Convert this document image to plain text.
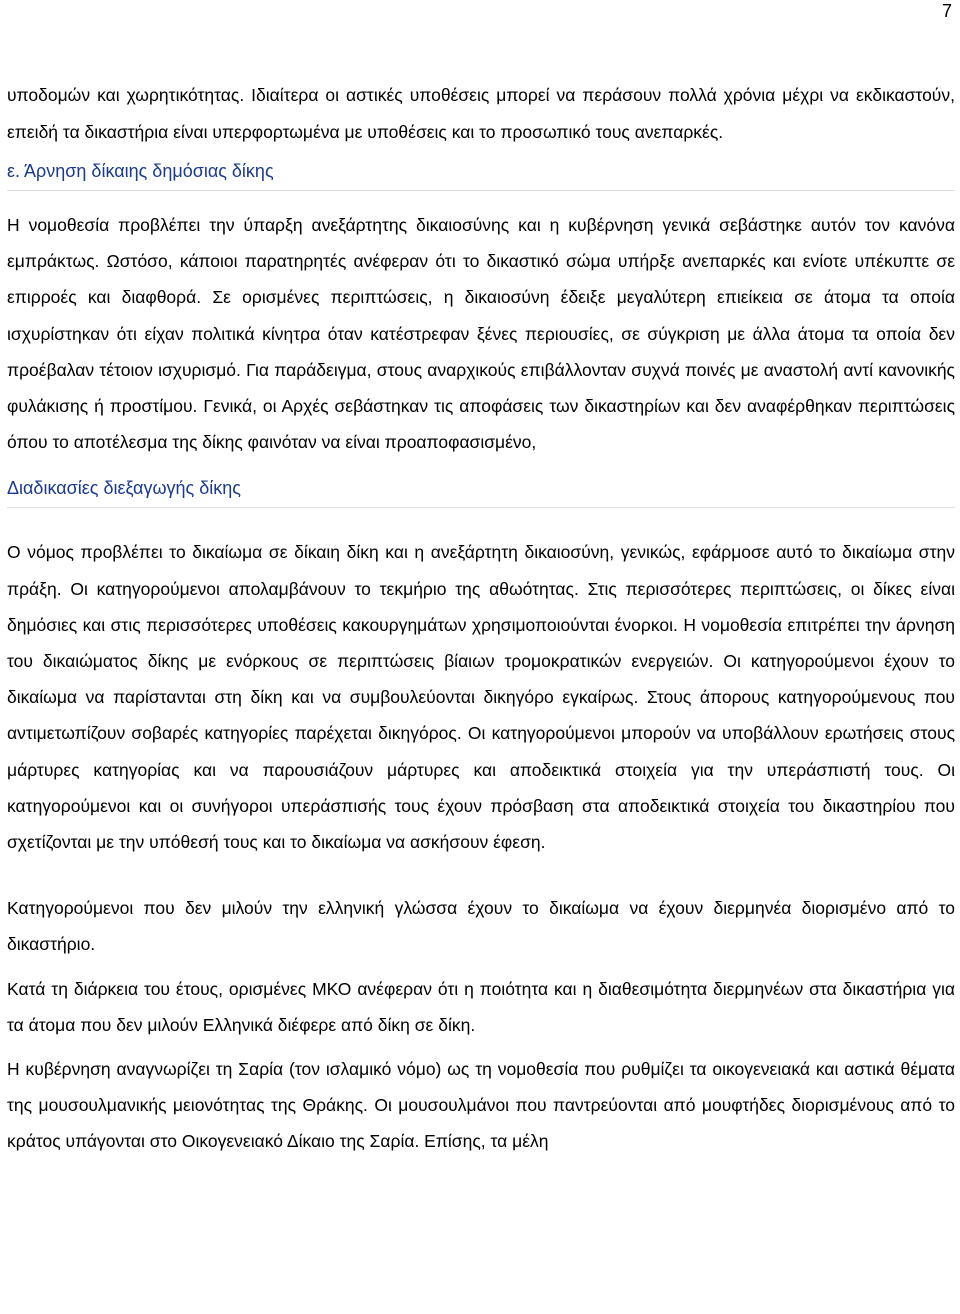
7

υποδομών και χωρητικότητας. Ιδιαίτερα οι αστικές υποθέσεις μπορεί να περάσουν πολλά χρόνια μέχρι να εκδικαστούν, επειδή τα δικαστήρια είναι υπερφορτωμένα με υποθέσεις και το προσωπικό τους ανεπαρκές.

ε. Άρνηση δίκαιης δημόσιας δίκης

Η νομοθεσία προβλέπει την ύπαρξη ανεξάρτητης δικαιοσύνης και η κυβέρνηση γενικά σεβάστηκε αυτόν τον κανόνα εμπράκτως. Ωστόσο, κάποιοι παρατηρητές ανέφεραν ότι το δικαστικό σώμα υπήρξε ανεπαρκές και ενίοτε υπέκυπτε σε επιρροές και διαφθορά. Σε ορισμένες περιπτώσεις, η δικαιοσύνη έδειξε μεγαλύτερη επιείκεια σε άτομα τα οποία ισχυρίστηκαν ότι είχαν πολιτικά κίνητρα όταν κατέστρεφαν ξένες περιουσίες, σε σύγκριση με άλλα άτομα τα οποία δεν προέβαλαν τέτοιον ισχυρισμό. Για παράδειγμα, στους αναρχικούς επιβάλλονταν συχνά ποινές με αναστολή αντί κανονικής φυλάκισης ή προστίμου. Γενικά, οι Αρχές σεβάστηκαν τις αποφάσεις των δικαστηρίων και δεν αναφέρθηκαν περιπτώσεις όπου το αποτέλεσμα της δίκης φαινόταν να είναι προαποφασισμένο,

Διαδικασίες διεξαγωγής δίκης

Ο νόμος προβλέπει το δικαίωμα σε δίκαιη δίκη και η ανεξάρτητη δικαιοσύνη, γενικώς, εφάρμοσε αυτό το δικαίωμα στην πράξη. Οι κατηγορούμενοι απολαμβάνουν το τεκμήριο της αθωότητας. Στις περισσότερες περιπτώσεις, οι δίκες είναι δημόσιες και στις περισσότερες υποθέσεις κακουργημάτων χρησιμοποιούνται ένορκοι. Η νομοθεσία επιτρέπει την άρνηση του δικαιώματος δίκης με ενόρκους σε περιπτώσεις βίαιων τρομοκρατικών ενεργειών. Οι κατηγορούμενοι έχουν το δικαίωμα να παρίστανται στη δίκη και να συμβουλεύονται δικηγόρο εγκαίρως. Στους άπορους κατηγορούμενους που αντιμετωπίζουν σοβαρές κατηγορίες παρέχεται δικηγόρος. Οι κατηγορούμενοι μπορούν να υποβάλλουν ερωτήσεις στους μάρτυρες κατηγορίας και να παρουσιάζουν μάρτυρες και αποδεικτικά στοιχεία για την υπεράσπιστή τους. Οι κατηγορούμενοι και οι συνήγοροι υπεράσπισής τους έχουν πρόσβαση στα αποδεικτικά στοιχεία του δικαστηρίου που σχετίζονται με την υπόθεσή τους και το δικαίωμα να ασκήσουν έφεση.

Κατηγορούμενοι που δεν μιλούν την ελληνική γλώσσα έχουν το δικαίωμα να έχουν διερμηνέα διορισμένο από το δικαστήριο.

Κατά τη διάρκεια του έτους, ορισμένες ΜΚΟ ανέφεραν ότι η ποιότητα και η διαθεσιμότητα διερμηνέων στα δικαστήρια για τα άτομα που δεν μιλούν Ελληνικά διέφερε από δίκη σε δίκη.

Η κυβέρνηση αναγνωρίζει τη Σαρία (τον ισλαμικό νόμο) ως τη νομοθεσία που ρυθμίζει τα οικογενειακά και αστικά θέματα της μουσουλμανικής μειονότητας της Θράκης. Οι μουσουλμάνοι που παντρεύονται από μουφτήδες διορισμένους από το κράτος υπάγονται στο Οικογενειακό Δίκαιο της Σαρία. Επίσης, τα μέλη
